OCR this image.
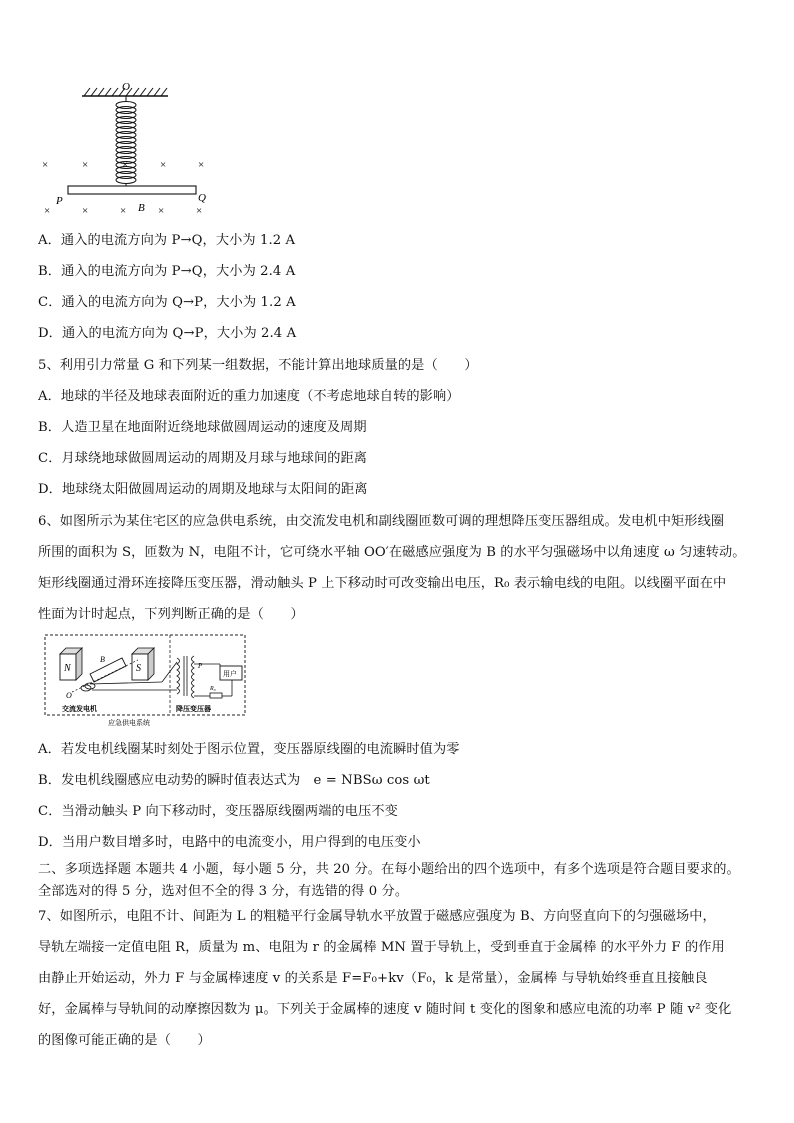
O
P	Q
B
×	×	×	×	×
×	×	×	×	×
A．通入的电流方向为 P→Q，大小为 1.2 A
B．通入的电流方向为 P→Q，大小为 2.4 A
C．通入的电流方向为 Q→P，大小为 1.2 A
D．通入的电流方向为 Q→P，大小为 2.4 A
5、利用引力常量 G 和下列某一组数据，不能计算出地球质量的是（　　）
A．地球的半径及地球表面附近的重力加速度（不考虑地球自转的影响）
B．人造卫星在地面附近绕地球做圆周运动的速度及周期
C．月球绕地球做圆周运动的周期及月球与地球间的距离
D．地球绕太阳做圆周运动的周期及地球与太阳间的距离
6、如图所示为某住宅区的应急供电系统，由交流发电机和副线圈匝数可调的理想降压变压器组成。发电机中矩形线圈
所围的面积为 S，匝数为 N，电阻不计，它可绕水平轴 OO′在磁感应强度为 B 的水平匀强磁场中以角速度 ω 匀速转动。
矩形线圈通过滑环连接降压变压器，滑动触头 P 上下移动时可改变输出电压，R₀ 表示输电线的电阻。以线圈平面在中
性面为计时起点，下列判断正确的是（　　）
N	S
B
O
P
R₀
用户
交流发电机	降压变压器
应急供电系统
A．若发电机线圈某时刻处于图示位置，变压器原线圈的电流瞬时值为零
B．发电机线圈感应电动势的瞬时值表达式为　e = NBSω cos ωt
C．当滑动触头 P 向下移动时，变压器原线圈两端的电压不变
D．当用户数目增多时，电路中的电流变小，用户得到的电压变小
二、多项选择题 本题共 4 小题，每小题 5 分，共 20 分。在每小题给出的四个选项中，有多个选项是符合题目要求的。
全部选对的得 5 分，选对但不全的得 3 分，有选错的得 0 分。
7、如图所示，电阻不计、间距为 L 的粗糙平行金属导轨水平放置于磁感应强度为 B、方向竖直向下的匀强磁场中，
导轨左端接一定值电阻 R，质量为 m、电阻为 r 的金属棒 MN 置于导轨上，受到垂直于金属棒 的水平外力 F 的作用
由静止开始运动，外力 F 与金属棒速度 v 的关系是 F=F₀+kv（F₀，k 是常量），金属棒 与导轨始终垂直且接触良
好，金属棒与导轨间的动摩擦因数为 μ。下列关于金属棒的速度 v 随时间 t 变化的图象和感应电流的功率 P 随 v² 变化
的图像可能正确的是（　　）
